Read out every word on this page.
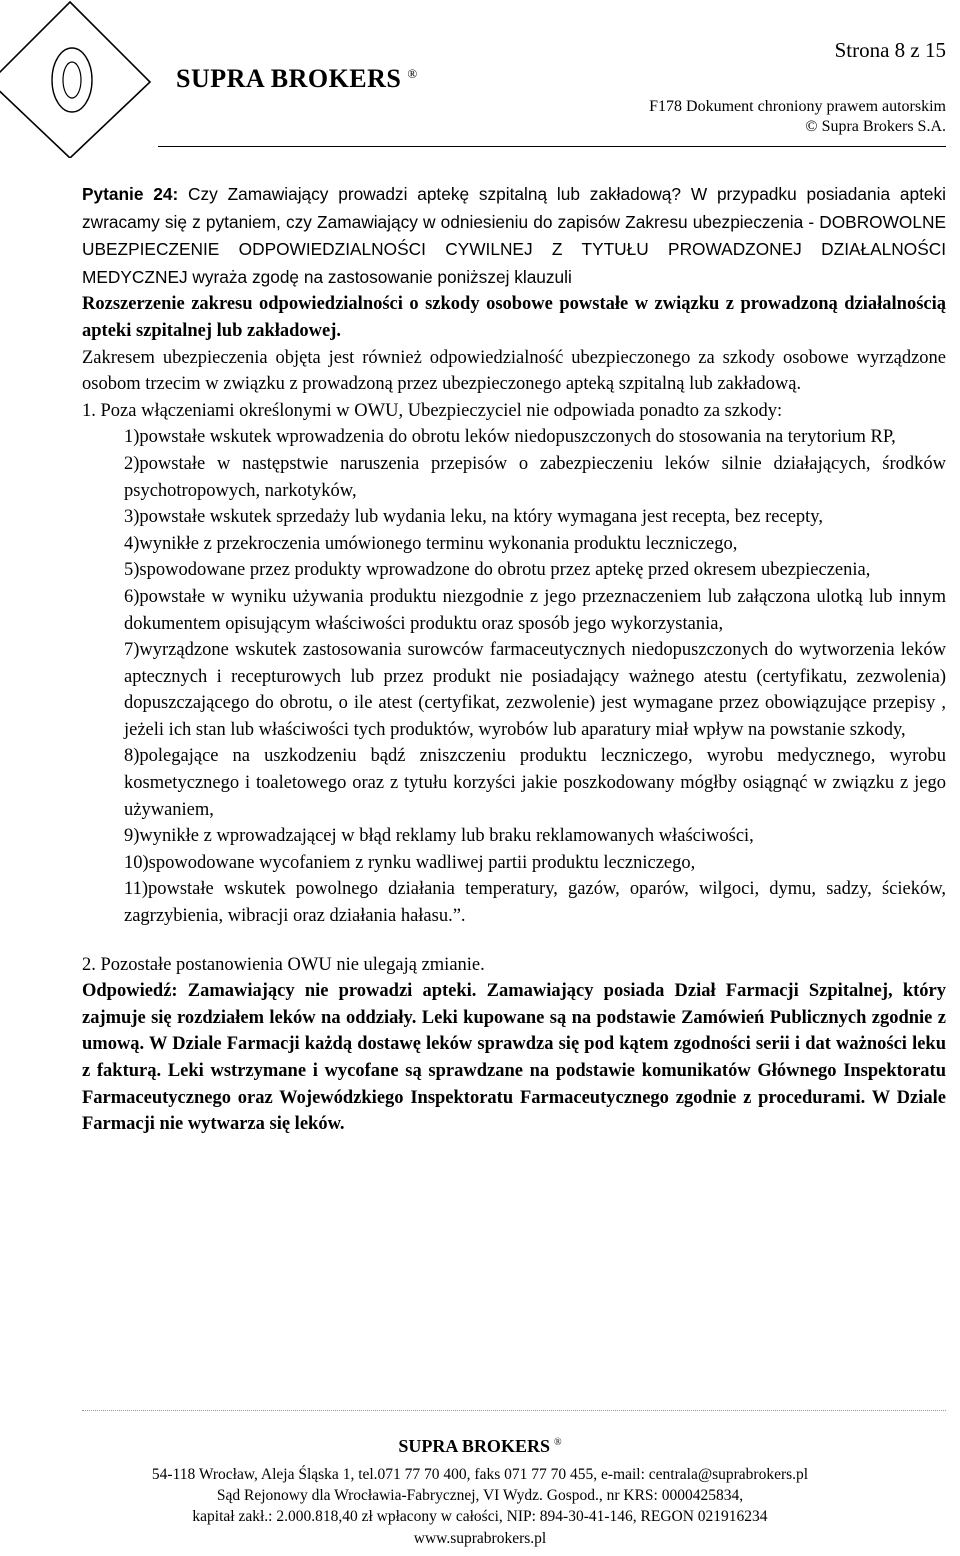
Strona 8 z 15
SUPRA BROKERS ®
F178 Dokument chroniony prawem autorskim
© Supra Brokers S.A.

Pytanie 24: Czy Zamawiający prowadzi aptekę szpitalną lub zakładową? W przypadku posiadania apteki zwracamy się z pytaniem, czy Zamawiający w odniesieniu do zapisów Zakresu ubezpieczenia - DOBROWOLNE UBEZPIECZENIE ODPOWIEDZIALNOŚCI CYWILNEJ Z TYTUŁU PROWADZONEJ DZIAŁALNOŚCI MEDYCZNEJ wyraża zgodę na zastosowanie poniższej klauzuli

Rozszerzenie zakresu odpowiedzialności o szkody osobowe powstałe w związku z prowadzoną działalnością apteki szpitalnej lub zakładowej.

Zakresem ubezpieczenia objęta jest również odpowiedzialność ubezpieczonego za szkody osobowe wyrządzone osobom trzecim w związku z prowadzoną przez ubezpieczonego apteką szpitalną lub zakładową.

1. Poza włączeniami określonymi w OWU, Ubezpieczyciel nie odpowiada ponadto za szkody:

1)powstałe wskutek wprowadzenia do obrotu leków niedopuszczonych do stosowania na terytorium RP,

2)powstałe w następstwie naruszenia przepisów o zabezpieczeniu leków silnie działających, środków psychotropowych, narkotyków,

3)powstałe wskutek sprzedaży lub wydania leku, na który wymagana jest recepta, bez recepty,

4)wynikłe z przekroczenia umówionego terminu wykonania produktu leczniczego,

5)spowodowane przez produkty wprowadzone do obrotu przez aptekę przed okresem ubezpieczenia,

6)powstałe w wyniku używania produktu niezgodnie z jego przeznaczeniem lub załączona ulotką lub innym dokumentem opisującym właściwości produktu oraz sposób jego wykorzystania,

7)wyrządzone wskutek zastosowania surowców farmaceutycznych niedopuszczonych do wytworzenia leków aptecznych i recepturowych lub przez produkt nie posiadający ważnego atestu (certyfikatu, zezwolenia) dopuszczającego do obrotu, o ile atest (certyfikat, zezwolenie) jest wymagane przez obowiązujące przepisy , jeżeli ich stan lub właściwości tych produktów, wyrobów lub aparatury miał wpływ na powstanie szkody,

8)polegające na uszkodzeniu bądź zniszczeniu produktu leczniczego, wyrobu medycznego, wyrobu kosmetycznego i toaletowego oraz z tytułu korzyści jakie poszkodowany mógłby osiągnąć w związku z jego używaniem,

9)wynikłe z wprowadzającej w błąd reklamy lub braku reklamowanych właściwości,

10)spowodowane wycofaniem z rynku wadliwej partii produktu leczniczego,

11)powstałe wskutek powolnego działania temperatury, gazów, oparów, wilgoci, dymu, sadzy, ścieków, zagrzybienia, wibracji oraz działania hałasu.”.

2. Pozostałe postanowienia OWU nie ulegają zmianie.

Odpowiedź: Zamawiający nie prowadzi apteki. Zamawiający posiada Dział Farmacji Szpitalnej, który zajmuje się rozdziałem leków na oddziały. Leki kupowane są na podstawie Zamówień Publicznych zgodnie z umową. W Dziale Farmacji każdą dostawę leków sprawdza się pod kątem zgodności serii i dat ważności leku z fakturą. Leki wstrzymane i wycofane są sprawdzane na podstawie komunikatów Głównego Inspektoratu Farmaceutycznego oraz Wojewódzkiego Inspektoratu Farmaceutycznego zgodnie z procedurami. W Dziale Farmacji nie wytwarza się leków.

SUPRA BROKERS ®
54-118 Wrocław, Aleja Śląska 1, tel.071 77 70 400, faks 071 77 70 455, e-mail: centrala@suprabrokers.pl
Sąd Rejonowy dla Wrocławia-Fabrycznej, VI Wydz. Gospod., nr KRS: 0000425834,
kapitał zakł.: 2.000.818,40 zł wpłacony w całości, NIP: 894-30-41-146, REGON 021916234
www.suprabrokers.pl
